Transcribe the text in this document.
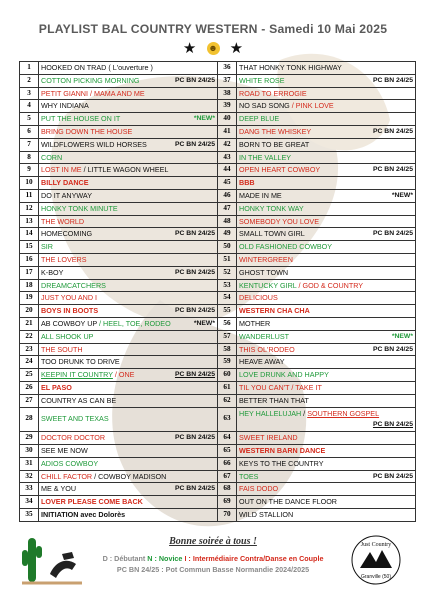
PLAYLIST BAL COUNTRY WESTERN - Samedi 10 Mai 2025
★ ☻ ★
1	HOOKED ON TRAD ( L'ouverture )	36	THAT HONKY TONK HIGHWAY
2	COTTON PICKING MORNING PC BN 24/25	37	WHITE ROSE PC BN 24/25

3	PETIT GIANNI / MAMA AND ME	38	ROAD TO ERROGIE
4	WHY INDIANA	39	NO SAD SONG / PINK LOVE
5	PUT THE HOUSE ON IT *NEW*	40	DEEP BLUE
6	BRING DOWN THE HOUSE	41	DANG THE WHISKEY PC BN 24/25

7	WILDFLOWERS WILD HORSES PC BN 24/25	42	BORN TO BE GREAT
8	CORN	43	IN THE VALLEY
9	LOST IN ME / LITTLE WAGON WHEEL	44	OPEN HEART COWBOY PC BN 24/25

10	BILLY DANCE	45	BBB
11	DO IT ANYWAY	46	MADE IN ME *NEW*

12	HONKY TONK MINUTE	47	HONKY TONK WAY
13	THE WORLD	48	SOMEBODY YOU LOVE
14	HOMECOMING PC BN 24/25	49	SMALL TOWN GIRL PC BN 24/25

15	SIR	50	OLD FASHIONED COWBOY
16	THE LOVERS	51	WINTERGREEN
17	K-BOY PC BN 24/25	52	GHOST TOWN
18	DREAMCATCHERS	53	KENTUCKY GIRL / GOD & COUNTRY
19	JUST YOU AND I	54	DELICIOUS
20	BOYS IN BOOTS PC BN 24/25	55	WESTERN CHA CHA
21	AB COWBOY UP / HEEL, TOE, RODEO *NEW*	56	MOTHER
22	ALL SHOOK UP	57	WANDERLUST *NEW*

23	THE SOUTH	58	THIS OL'RODEO PC BN 24/25

24	TOO DRUNK TO DRIVE	59	HEAVE AWAY
25	KEEPIN IT COUNTRY / ONE PC BN 24/25	60	LOVE DRUNK AND HAPPY
26	EL PASO	61	TIL YOU CAN'T / TAKE IT
27	COUNTRY AS CAN BE	62	BETTER THAN THAT
28	SWEET AND TEXAS	63	HEY HALLELUJAH / SOUTHERN GOSPEL
PC BN 24/25

29	DOCTOR DOCTOR PC BN 24/25	64	SWEET IRELAND
30	SEE ME NOW	65	WESTERN BARN DANCE
31	ADIOS COWBOY	66	KEYS TO THE COUNTRY
32	CHILL FACTOR / COWBOY MADISON	67	TOES PC BN 24/25

33	ME & YOU PC BN 24/25	68	FAIS DODO
34	LOVER PLEASE COME BACK	69	OUT ON THE DANCE FLOOR
35	INITIATION avec Dolorès	70	WILD STALLION
Bonne soirée à tous !
D : Débutant N : Novice I : Intermédiaire Contra/Danse en Couple
PC BN 24/25 : Pot Commun Basse Normandie 2024/2025
Just Country
Granville (50)
